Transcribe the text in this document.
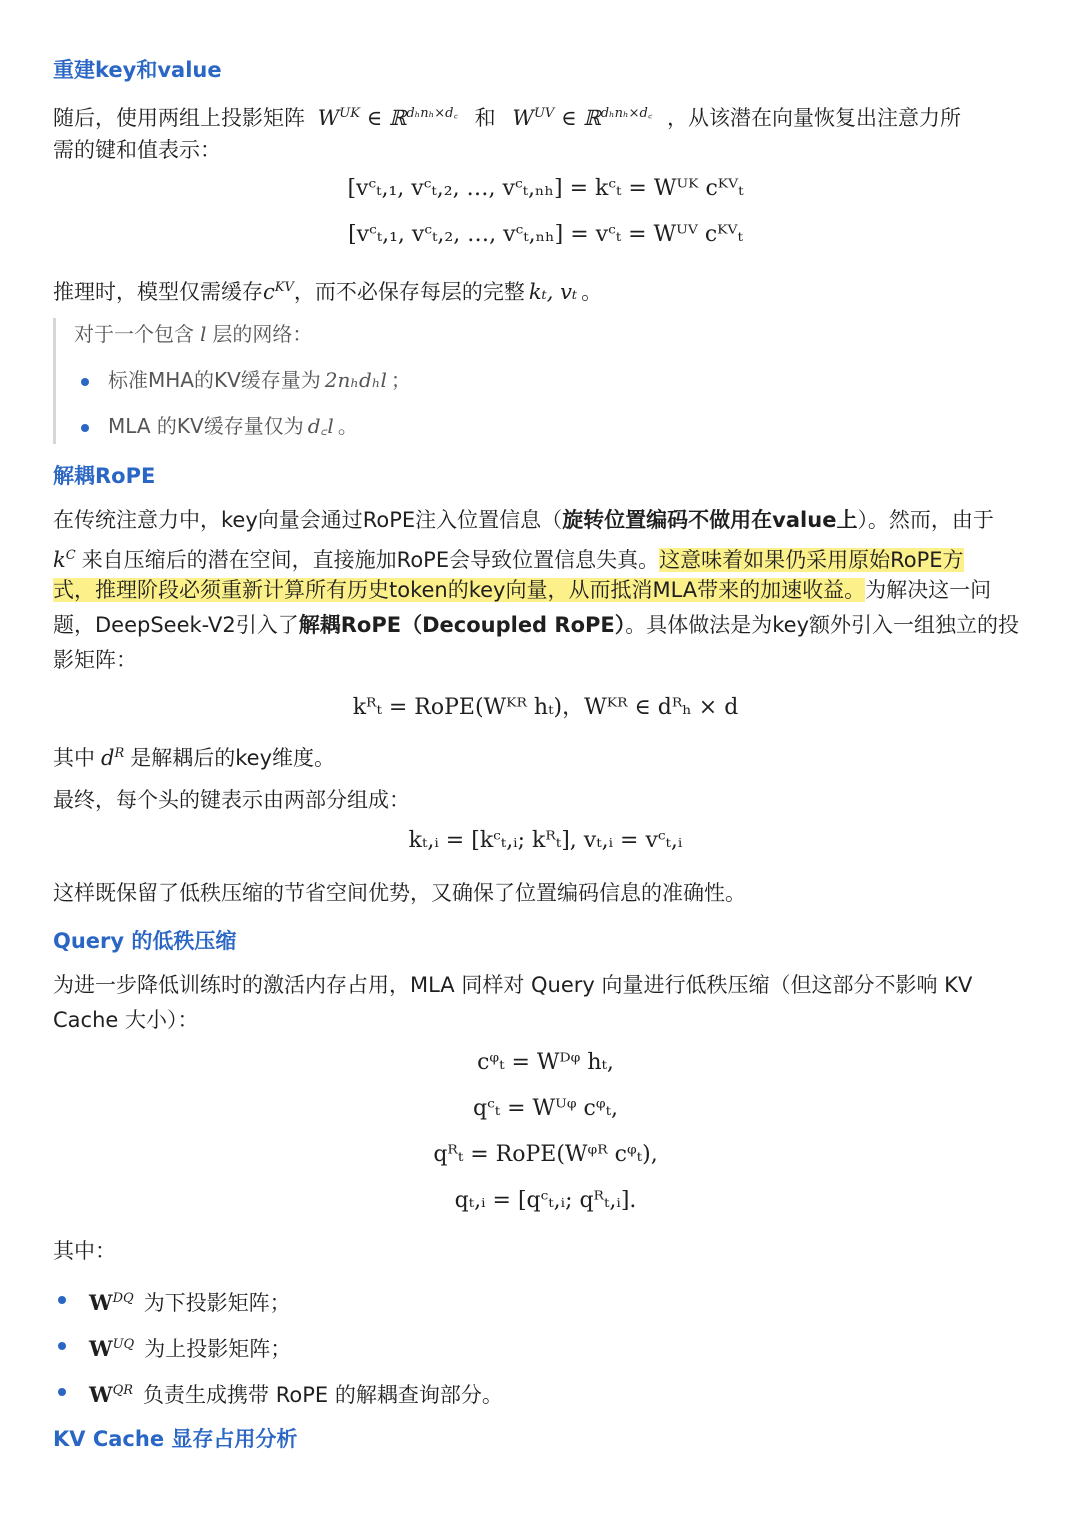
重建key和value
随后，使用两组上投影矩阵 $W^{UK}$ ∈ ℝ$^{d_hn_h\times d꜀}$ 和 $W^{UV}$ ∈ ℝ$^{d_hn_h\times d꜀}$ ，从该潜在向量恢复出注意力所
需的键和值表示：
[vᶜₜ,₁, vᶜₜ,₂, …, vᶜₜ,ₙₕ] = kᶜₜ = Wᵁᴷ cᴷⱽₜ
[vᶜₜ,₁, vᶜₜ,₂, …, vᶜₜ,ₙₕ] = vᶜₜ = Wᵁⱽ cᴷⱽₜ
推理时，模型仅需缓存$c^{KV}$，而不必保存每层的完整 kₜ, vₜ 。
对于一个包含 l 层的网络：
标准MHA的KV缓存量为 2nₕdₕl ；
MLA 的KV缓存量仅为 d꜀l 。
解耦RoPE
在传统注意力中，key向量会通过RoPE注入位置信息（旋转位置编码不做用在value上）。然而，由于
$k^C$ 来自压缩后的潜在空间，直接施加RoPE会导致位置信息失真。这意味着如果仍采用原始RoPE方
式，推理阶段必须重新计算所有历史token的key向量，从而抵消MLA带来的加速收益。为解决这一问
题，DeepSeek-V2引入了解耦RoPE（Decoupled RoPE）。具体做法是为key额外引入一组独立的投
影矩阵：
kᴿₜ = RoPE(Wᴷᴿ hₜ)，Wᴷᴿ ∈ dᴿₕ × d
其中 $d^R$ 是解耦后的key维度。
最终，每个头的键表示由两部分组成：
kₜ,ᵢ = [kᶜₜ,ᵢ; kᴿₜ], vₜ,ᵢ = vᶜₜ,ᵢ
这样既保留了低秩压缩的节省空间优势，又确保了位置编码信息的准确性。
Query 的低秩压缩
为进一步降低训练时的激活内存占用，MLA 同样对 Query 向量进行低秩压缩（但这部分不影响 KV
Cache 大小）：
cᵠₜ = Wᴰᵠ hₜ,
qᶜₜ = Wᵁᵠ cᵠₜ,
qᴿₜ = RoPE(Wᵠᴿ cᵠₜ),
qₜ,ᵢ = [qᶜₜ,ᵢ; qᴿₜ,ᵢ].
其中：
$W^{DQ}$ 为下投影矩阵；
$W^{UQ}$ 为上投影矩阵；
$W^{QR}$ 负责生成携带 RoPE 的解耦查询部分。
KV Cache 显存占用分析
